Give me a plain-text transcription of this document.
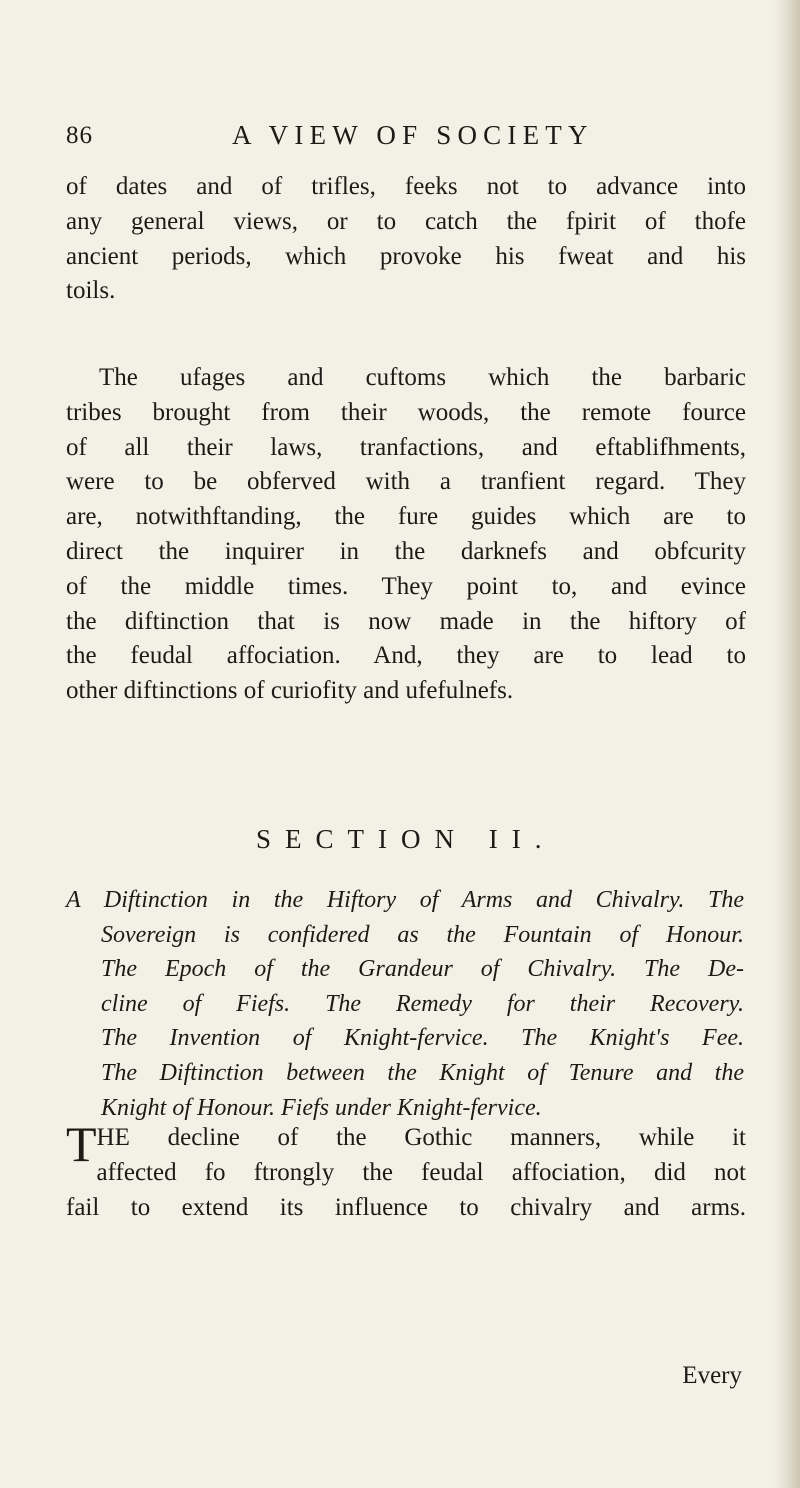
86	A VIEW OF SOCIETY
of dates and of trifles, feeks not to advance into
any general views, or to catch the fpirit of thofe
ancient periods, which provoke his fweat and his
toils.
The ufages and cuftoms which the barbaric
tribes brought from their woods, the remote fource
of all their laws, tranfactions, and eftablifhments,
were to be obferved with a tranfient regard. They
are, notwithftanding, the fure guides which are to
direct the inquirer in the darknefs and obfcurity
of the middle times. They point to, and evince
the diftinction that is now made in the hiftory of
the feudal affociation. And, they are to lead to
other diftinctions of curiofity and ufefulnefs.
SECTION II.
A Diftinction in the Hiftory of Arms and Chivalry. The
Sovereign is confidered as the Fountain of Honour.
The Epoch of the Grandeur of Chivalry. The De-
cline of Fiefs. The Remedy for their Recovery.
The Invention of Knight-fervice. The Knight's Fee.
The Diftinction between the Knight of Tenure and the
Knight of Honour. Fiefs under Knight-fervice.
T HE decline of the Gothic manners, while it
affected fo ftrongly the feudal affociation, did not
fail to extend its influence to chivalry and arms.
Every
